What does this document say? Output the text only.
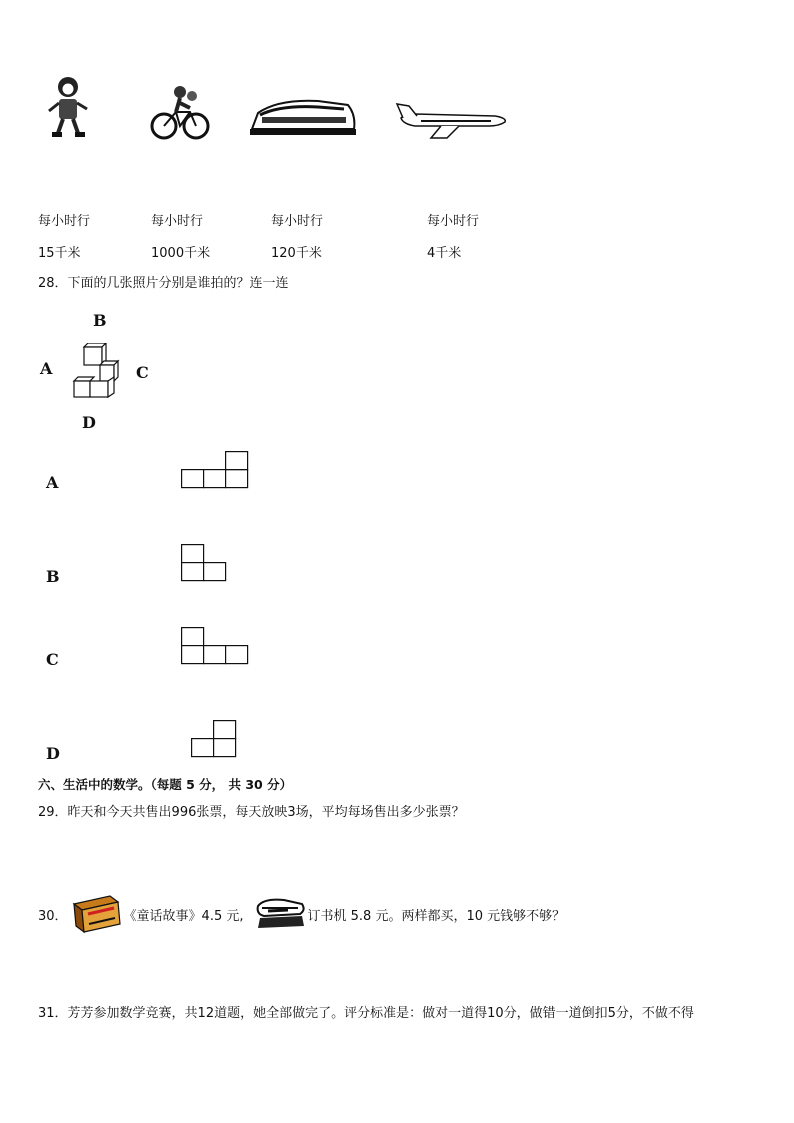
每小时行	每小时行	每小时行	每小时行
15千米	1000千米	120千米	4千米
28．下面的几张照片分别是谁拍的？连一连
B
A	C
D
A
B
C
D
六、生活中的数学。（每题 5 分， 共 30 分）
29．昨天和今天共售出996张票，每天放映3场，平均每场售出多少张票？
30．	《童话故事》4.5 元,	订书机 5.8 元。两样都买，10 元钱够不够？
31．芳芳参加数学竞赛，共12道题，她全部做完了。评分标准是：做对一道得10分，做错一道倒扣5分，不做不得
